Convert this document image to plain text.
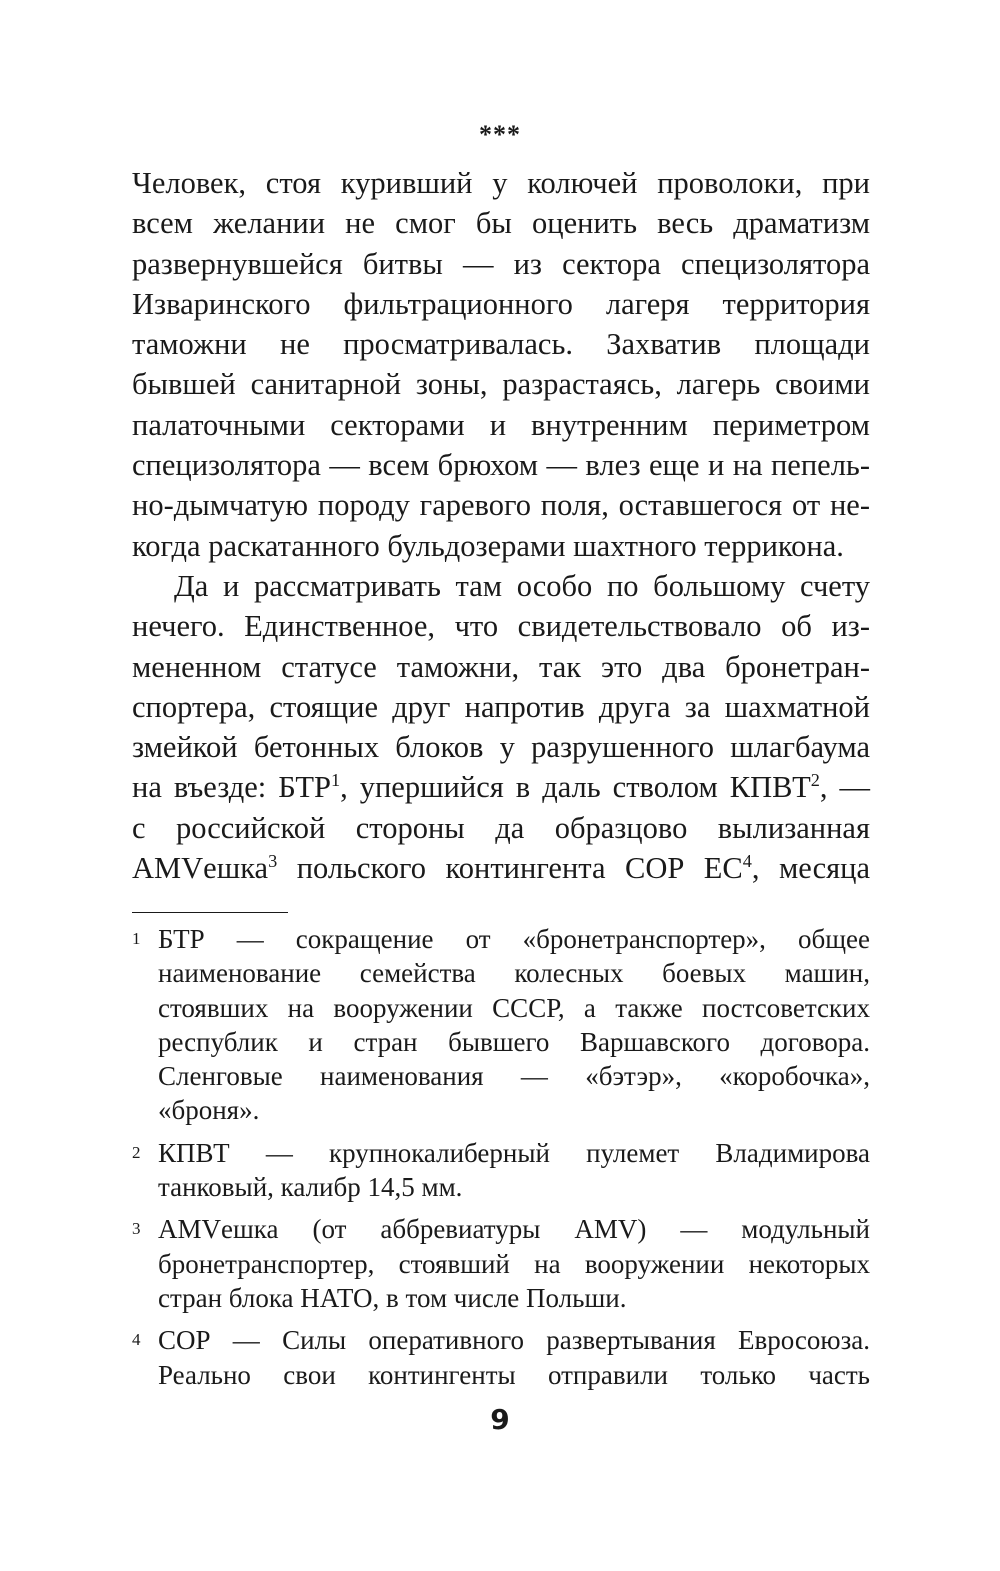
***
Человек, стоя куривший у колючей проволоки, при
всем желании не смог бы оценить весь драматизм
развернувшейся битвы — из сектора специзолятора
Изваринского фильтрационного лагеря территория
таможни не просматривалась. Захватив площади
бывшей санитарной зоны, разрастаясь, лагерь своими
палаточными секторами и внутренним периметром
специзолятора — всем брюхом — влез еще и на пепель-
но-дымчатую породу гаревого поля, оставшегося от не-
когда раскатанного бульдозерами шахтного терриконa.
Да и рассматривать там особо по большому счету
нечего. Единственное, что свидетельствовало об из-
мененном статусе таможни, так это два бронетран-
спортера, стоящие друг напротив друга за шахматной
змейкой бетонных блоков у разрушенного шлагбаума
на въезде: БТР$^1$, упершийся в даль стволом КПВТ$^2$, —
с российской стороны да образцово вылизанная
AMVешка$^3$ польского контингента СОР $ЕС^4$, месяца
1 БТР — сокращение от «бронетранспортер», общее
наименование семейства колесных боевых машин,
стоявших на вооружении СССР, а также постсоветских
республик и стран бывшего Варшавского договора.
Сленговые наименования — «бэтэр», «коробочка»,
«броня».
2 КПВТ — крупнокалиберный пулемет Владимирова
танковый, калибр 14,5 мм.
3 AMVешка (от аббревиатуры AMV) — модульный
бронетранспортер, стоявший на вооружении некоторых
стран блока НАТО, в том числе Польши.
4 СОР — Силы оперативного развертывания Евросоюза.
Реально свои контингенты отправили только часть
9
